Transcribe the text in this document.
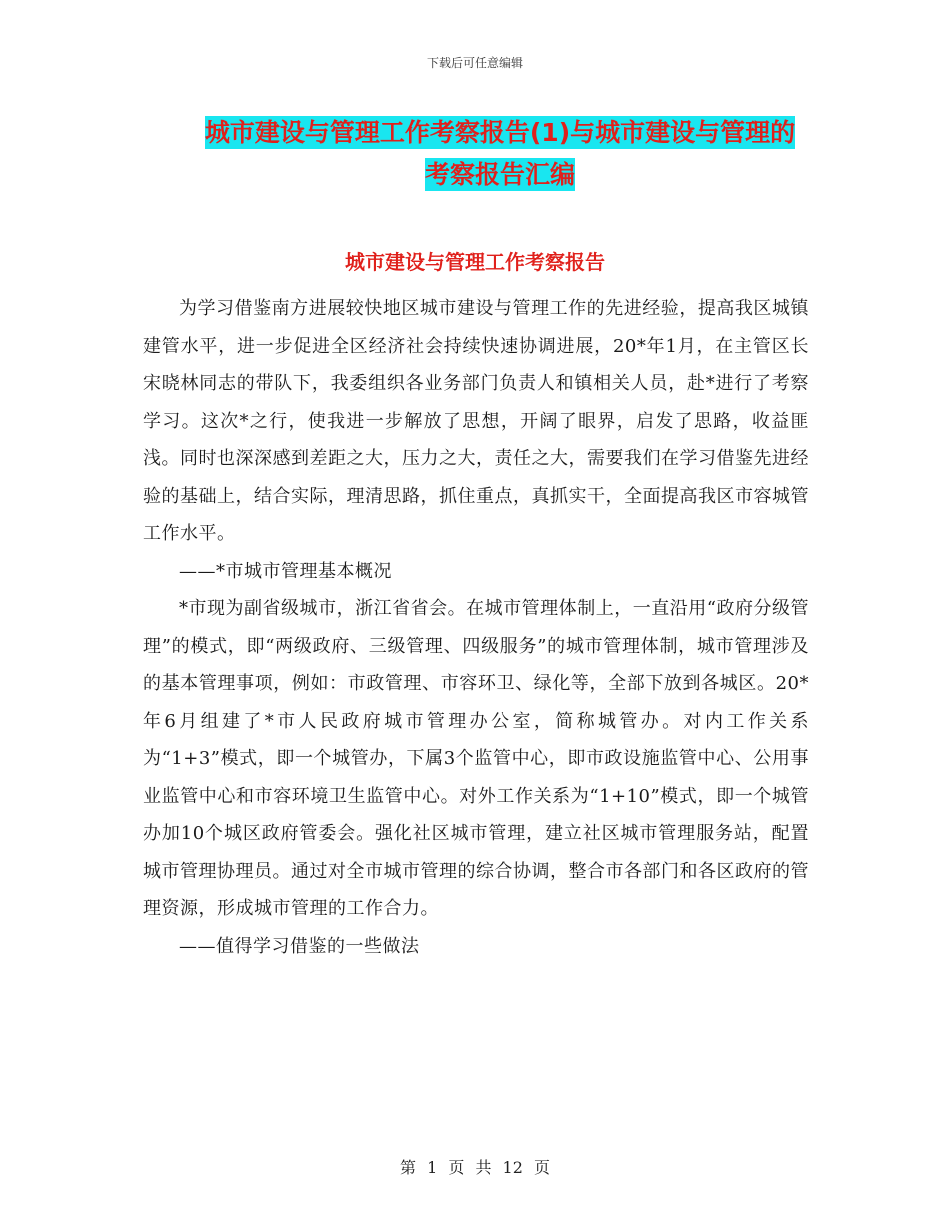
下载后可任意编辑
城市建设与管理工作考察报告(1)与城市建设与管理的
考察报告汇编
城市建设与管理工作考察报告

为学习借鉴南方进展较快地区城市建设与管理工作的先进经验，提高我区城镇建管水平，进一步促进全区经济社会持续快速协调进展，20*年1月，在主管区长宋晓林同志的带队下，我委组织各业务部门负责人和镇相关人员，赴*进行了考察学习。这次*之行，使我进一步解放了思想，开阔了眼界，启发了思路，收益匪浅。同时也深深感到差距之大，压力之大，责任之大，需要我们在学习借鉴先进经验的基础上，结合实际，理清思路，抓住重点，真抓实干，全面提高我区市容城管工作水平。

——*市城市管理基本概况

*市现为副省级城市，浙江省省会。在城市管理体制上，一直沿用“政府分级管理”的模式，即“两级政府、三级管理、四级服务”的城市管理体制，城市管理涉及的基本管理事项，例如：市政管理、市容环卫、绿化等，全部下放到各城区。20*年6月组建了*市人民政府城市管理办公室，简称城管办。对内工作关系为“1+3”模式，即一个城管办，下属3个监管中心，即市政设施监管中心、公用事业监管中心和市容环境卫生监管中心。对外工作关系为“1+10”模式，即一个城管办加10个城区政府管委会。强化社区城市管理，建立社区城市管理服务站，配置城市管理协理员。通过对全市城市管理的综合协调，整合市各部门和各区政府的管理资源，形成城市管理的工作合力。

——值得学习借鉴的一些做法

第 1 页 共 12 页
